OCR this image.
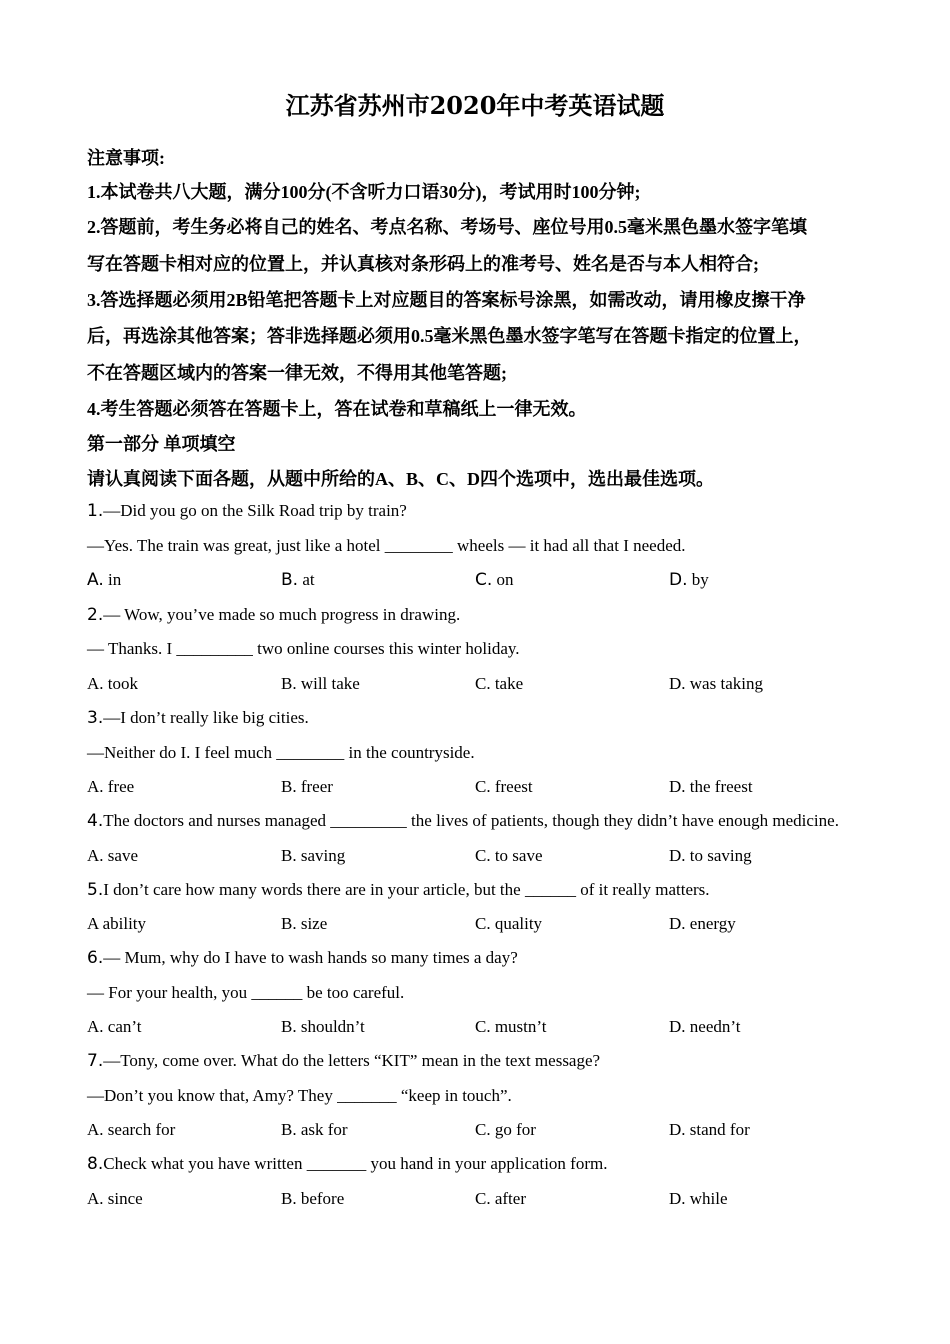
江苏省苏州市2020年中考英语试题
注意事项:
1.本试卷共八大题，满分100分(不含听力口语30分)，考试用时100分钟;
2.答题前，考生务必将自己的姓名、考点名称、考场号、座位号用0.5毫米黑色墨水签字笔填
写在答题卡相对应的位置上，并认真核对条形码上的准考号、姓名是否与本人相符合;
3.答选择题必须用2B铅笔把答题卡上对应题目的答案标号涂黑，如需改动，请用橡皮擦干净
后，再选涂其他答案；答非选择题必须用0.5毫米黑色墨水签字笔写在答题卡指定的位置上，
不在答题区域内的答案一律无效，不得用其他笔答题;
4.考生答题必须答在答题卡上，答在试卷和草稿纸上一律无效。
第一部分 单项填空
请认真阅读下面各题，从题中所给的A、B、C、D四个选项中，选出最佳选项。
1.—Did you go on the Silk Road trip by train?
—Yes. The train was great, just like a hotel ________ wheels — it had all that I needed.
A. in	B. at	C. on	D. by
2.— Wow, you’ve made so much progress in drawing.
— Thanks. I _________ two online courses this winter holiday.
A. took	B. will take	C. take	D. was taking
3.—I don’t really like big cities.
—Neither do I. I feel much ________ in the countryside.
A. free	B. freer	C. freest	D. the freest
4.The doctors and nurses managed _________ the lives of patients, though they didn’t have enough medicine.
A. save	B. saving	C. to save	D. to saving
5.I don’t care how many words there are in your article, but the ______ of it really matters.
A ability	B. size	C. quality	D. energy
6.— Mum, why do I have to wash hands so many times a day?
— For your health, you ______ be too careful.
A. can’t	B. shouldn’t	C. mustn’t	D. needn’t
7.—Tony, come over. What do the letters “KIT” mean in the text message?
—Don’t you know that, Amy? They _______ “keep in touch”.
A. search for	B. ask for	C. go for	D. stand for
8.Check what you have written _______ you hand in your application form.
A. since	B. before	C. after	D. while
